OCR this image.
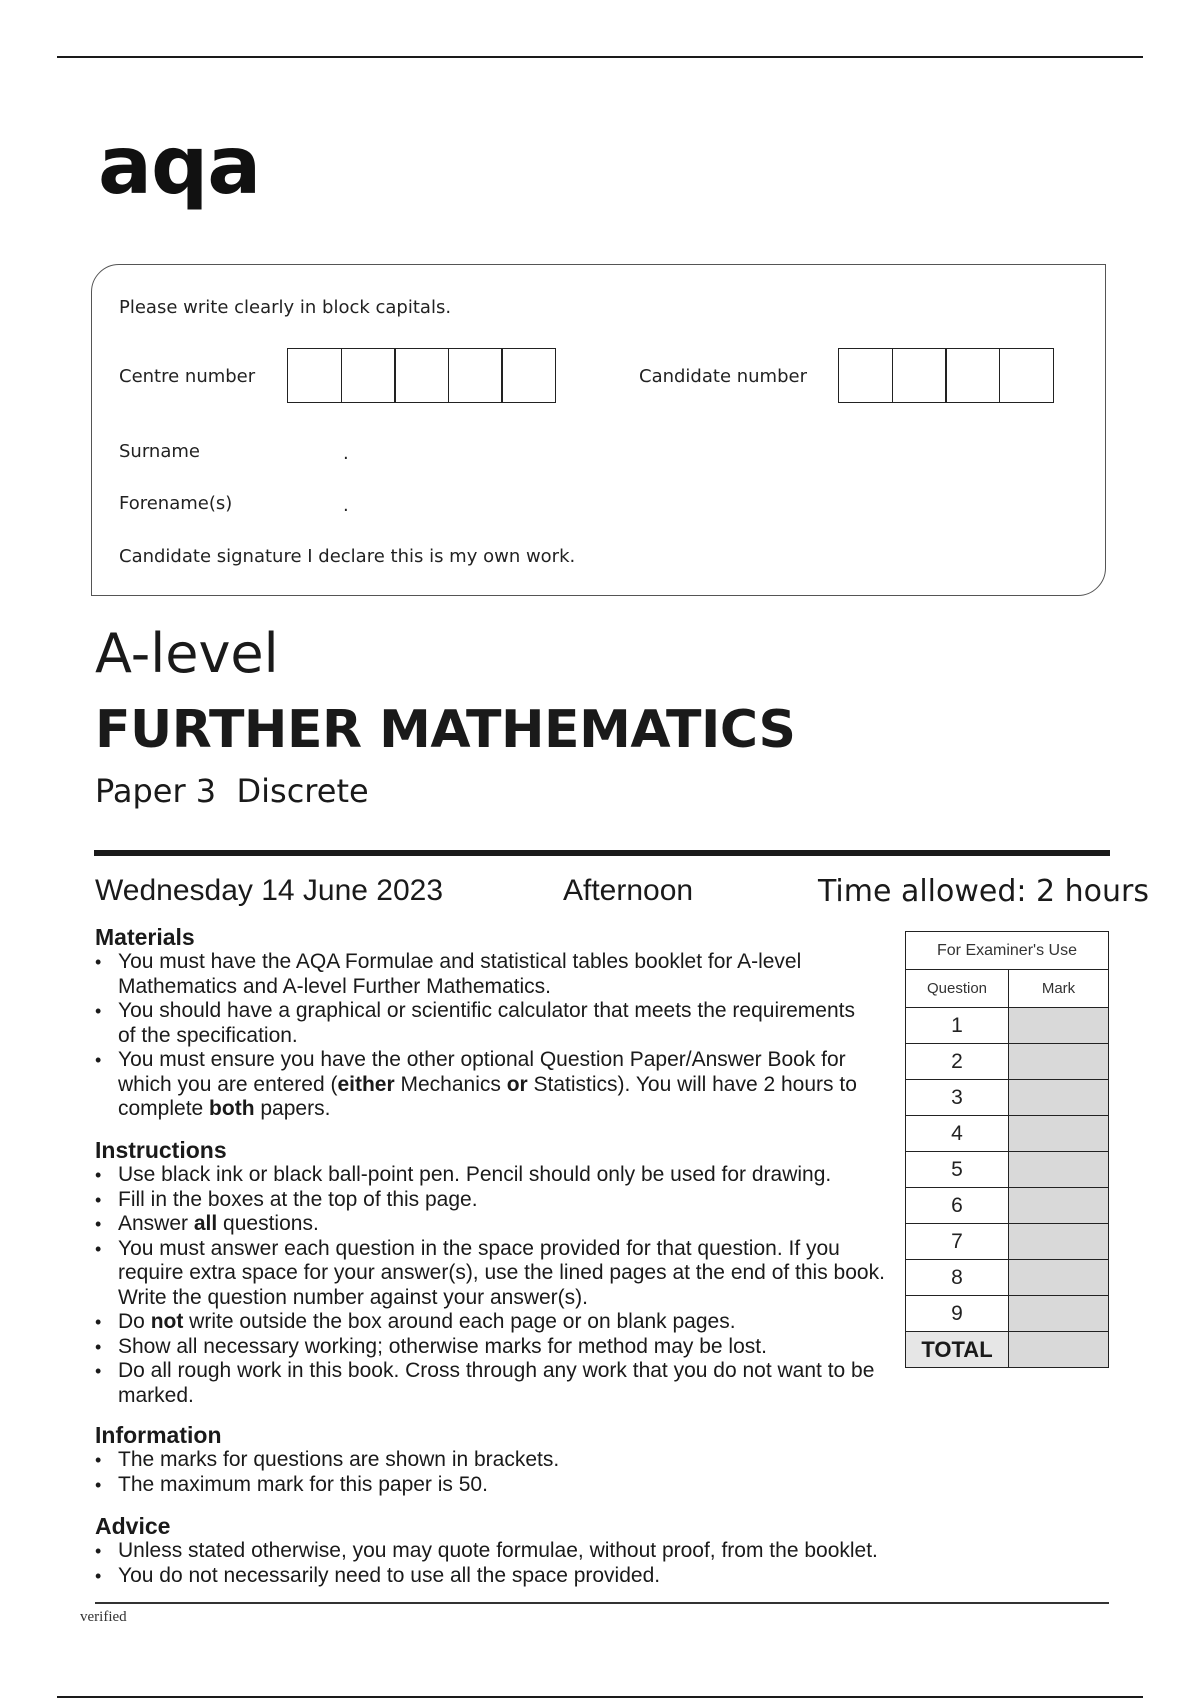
aqa
Please write clearly in block capitals.
Centre number	Candidate number
Surname	.
Forename(s)	.
Candidate signature I declare this is my own work.
A-level
FURTHER MATHEMATICS
Paper 3  Discrete
Wednesday 14 June 2023	Afternoon	Time allowed: 2 hours
Materials
• You must have the AQA Formulae and statistical tables booklet for A-level Mathematics and A-level Further Mathematics.
• You should have a graphical or scientific calculator that meets the requirements of the specification.
• You must ensure you have the other optional Question Paper/Answer Book for which you are entered (either Mechanics or Statistics). You will have 2 hours to complete both papers.
Instructions
• Use black ink or black ball-point pen. Pencil should only be used for drawing.
• Fill in the boxes at the top of this page.
• Answer all questions.
• You must answer each question in the space provided for that question. If you require extra space for your answer(s), use the lined pages at the end of this book. Write the question number against your answer(s).
• Do not write outside the box around each page or on blank pages.
• Show all necessary working; otherwise marks for method may be lost.
• Do all rough work in this book. Cross through any work that you do not want to be marked.
Information
• The marks for questions are shown in brackets.
• The maximum mark for this paper is 50.
Advice
• Unless stated otherwise, you may quote formulae, without proof, from the booklet.
• You do not necessarily need to use all the space provided.
For Examiner's Use	
Question	Mark
1	
2	
3	
4	
5	
6	
7	
8	
9	
TOTAL	
verified
